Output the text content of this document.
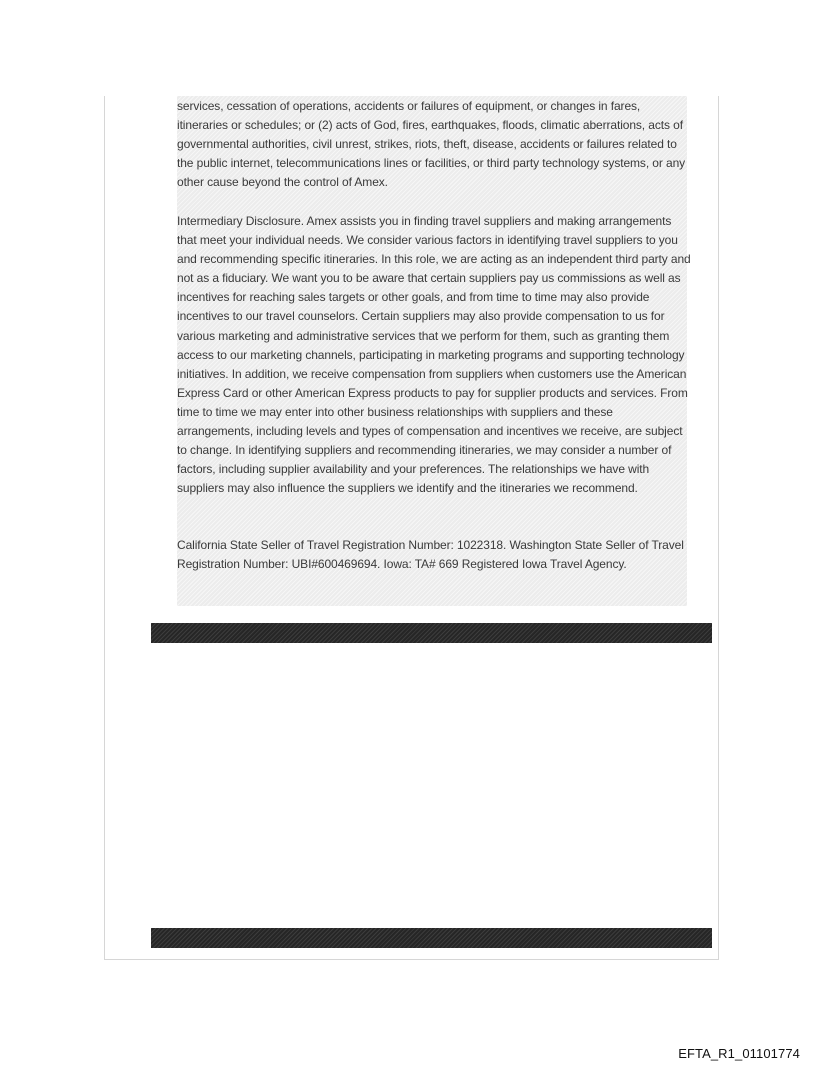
services, cessation of operations, accidents or failures of equipment, or changes in fares, itineraries or schedules; or (2) acts of God, fires, earthquakes, floods, climatic aberrations, acts of governmental authorities, civil unrest, strikes, riots, theft, disease, accidents or failures related to the public internet, telecommunications lines or facilities, or third party technology systems, or any other cause beyond the control of Amex.

Intermediary Disclosure. Amex assists you in finding travel suppliers and making arrangements that meet your individual needs. We consider various factors in identifying travel suppliers to you and recommending specific itineraries. In this role, we are acting as an independent third party and not as a fiduciary. We want you to be aware that certain suppliers pay us commissions as well as incentives for reaching sales targets or other goals, and from time to time may also provide incentives to our travel counselors. Certain suppliers may also provide compensation to us for various marketing and administrative services that we perform for them, such as granting them access to our marketing channels, participating in marketing programs and supporting technology initiatives. In addition, we receive compensation from suppliers when customers use the American Express Card or other American Express products to pay for supplier products and services. From time to time we may enter into other business relationships with suppliers and these arrangements, including levels and types of compensation and incentives we receive, are subject to change. In identifying suppliers and recommending itineraries, we may consider a number of factors, including supplier availability and your preferences. The relationships we have with suppliers may also influence the suppliers we identify and the itineraries we recommend.

California State Seller of Travel Registration Number: 1022318. Washington State Seller of Travel Registration Number: UBI#600469694. Iowa: TA# 669 Registered Iowa Travel Agency.

EFTA_R1_01101774
